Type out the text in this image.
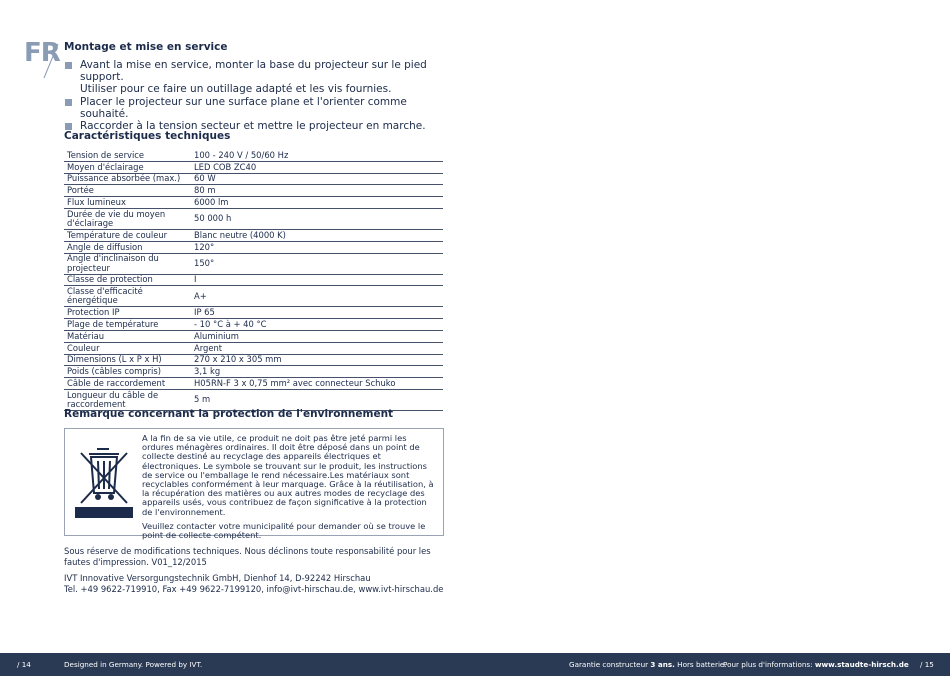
FR Montage et mise en service
Avant la mise en service, monter la base du projecteur sur le pied support.
Utiliser pour ce faire un outillage adapté et les vis fournies.
Placer le projecteur sur une surface plane et l'orienter comme souhaité.
Raccorder à la tension secteur et mettre le projecteur en marche.
Caractéristiques techniques
Tension de service	100 - 240 V / 50/60 Hz
Moyen d'éclairage	LED COB ZC40
Puissance absorbée (max.)	60 W
Portée	80 m
Flux lumineux	6000 lm
Durée de vie du moyen d'éclairage	50 000 h
Température de couleur	Blanc neutre (4000 K)
Angle de diffusion	120°
Angle d'inclinaison du projecteur	150°
Classe de protection	I
Classe d'efficacité énergétique	A+
Protection IP	IP 65
Plage de température	- 10 °C à + 40 °C
Matériau	Aluminium
Couleur	Argent
Dimensions (L x P x H)	270 x 210 x 305 mm
Poids (câbles compris)	3,1 kg
Câble de raccordement	H05RN-F 3 x 0,75 mm² avec connecteur Schuko
Longueur du câble de raccordement	5 m
Remarque concernant la protection de l'environnement

A la fin de sa vie utile, ce produit ne doit pas être jeté parmi les ordures ménagères ordinaires. Il doit être déposé dans un point de collecte destiné au recyclage des appareils électriques et électroniques. Le symbole se trouvant sur le produit, les instructions de service ou l'emballage le rend nécessaire.Les matériaux sont recyclables conformément à leur marquage. Grâce à la réutilisation, à la récupération des matières ou aux autres modes de recyclage des appareils usés, vous contribuez de façon significative à la protection de l'environnement.

Veuillez contacter votre municipalité pour demander où se trouve le point de collecte compétent.

Sous réserve de modifications techniques. Nous déclinons toute responsabilité pour les fautes d'impression. V01_12/2015
IVT Innovative Versorgungstechnik GmbH, Dienhof 14, D-92242 Hirschau
Tel. +49 9622-719910, Fax +49 9622-7199120, info@ivt-hirschau.de, www.ivt-hirschau.de
/ 14	Designed in Germany. Powered by IVT.	Garantie constructeur 3 ans. Hors batterie.
Pour plus d'informations: www.staudte-hirsch.de / 15
